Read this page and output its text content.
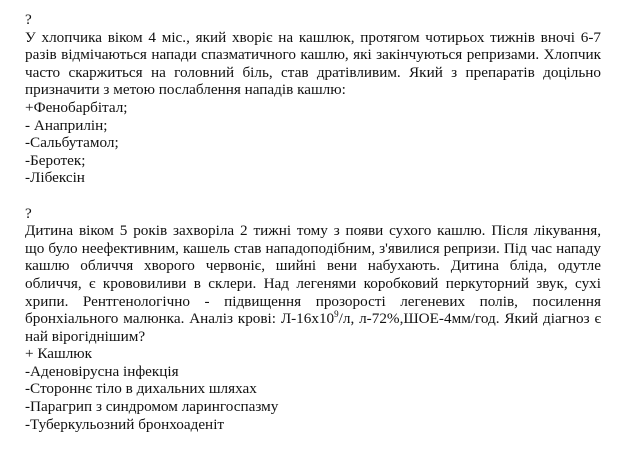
?
У хлопчика віком 4 міс., який хворіє на кашлюк, протягом чотирьох тижнів вночі 6-7
разів відмічаються напади спазматичного кашлю, які закінчуються репризами. Хлопчик
часто скаржиться на головний біль, став дратівливим. Який з препаратів доцільно
призначити з метою послаблення нападів кашлю:
+Фенобарбітал;
- Анаприлін;
-Сальбутамол;
-Беротек;
-Лібексін
?
Дитина віком 5 років захворіла 2 тижні тому з появи сухого кашлю. Після лікування,
що було неефективним, кашель став нападоподібним, з'явилися репризи. Під час нападу
кашлю обличчя хворого червоніє, шийні вени набухають. Дитина бліда, одутле
обличчя, є крововиливи в склери. Над легенями коробковий перкуторний звук, сухі
хрипи. Рентгенологічно - підвищення прозорості легеневих полів, посилення
бронхіального малюнка. Аналіз крові: $Л-16х10^9/л$, л-72%,ШОЕ-4мм/год. Який діагноз є
най вірогіднішим?
+ Кашлюк
-Аденовірусна інфекція
-Стороннє тіло в дихальних шляхах
-Парагрип з синдромом ларингоспазму
-Туберкульозний бронхоаденіт
